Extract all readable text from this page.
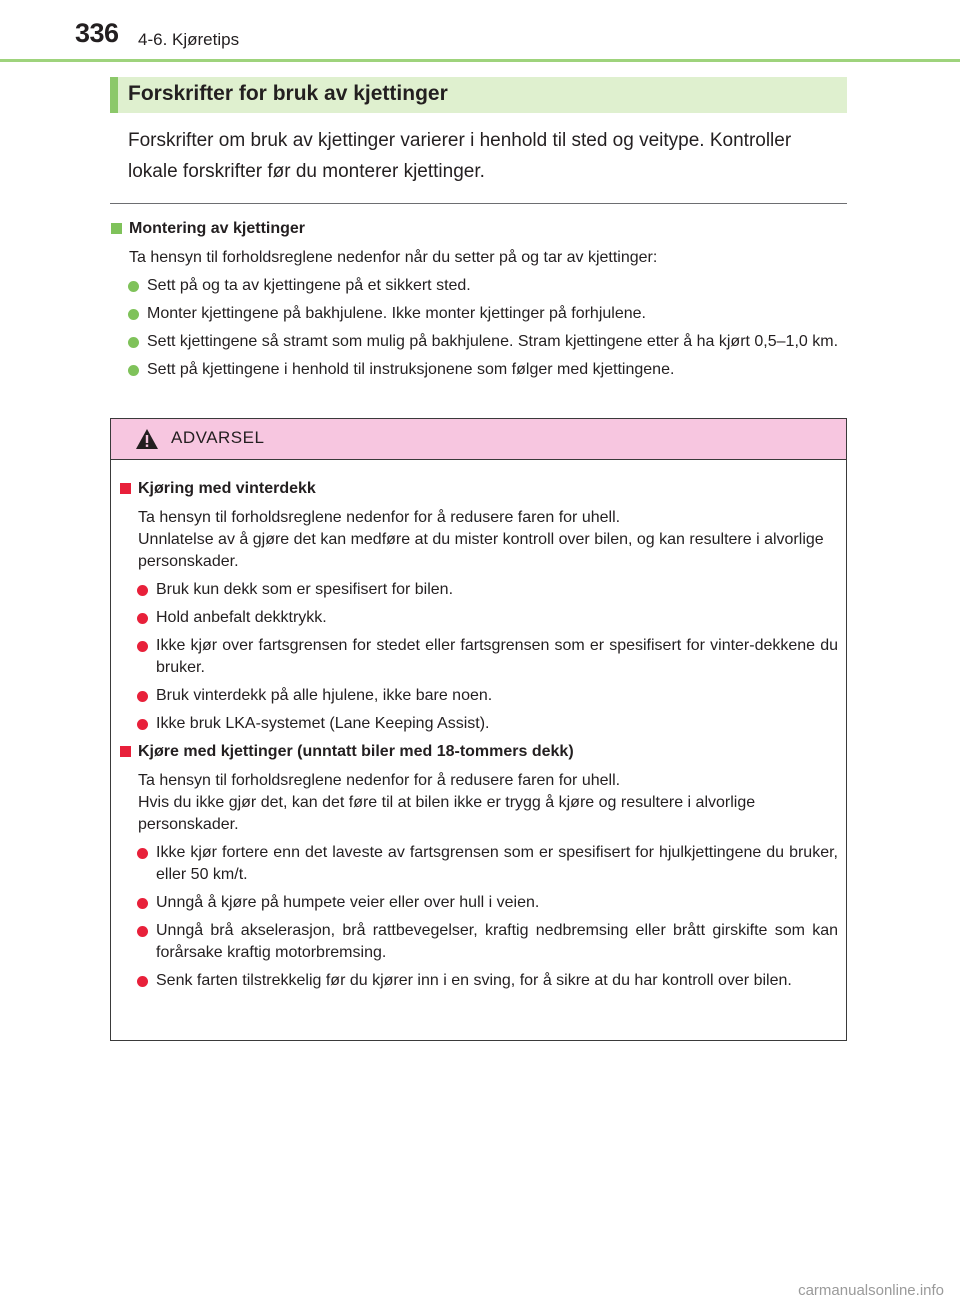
336 4-6. Kjøretips
Forskrifter for bruk av kjettinger

Forskrifter om bruk av kjettinger varierer i henhold til sted og veitype. Kontroller lokale forskrifter før du monterer kjettinger.

Montering av kjettinger
Ta hensyn til forholdsreglene nedenfor når du setter på og tar av kjettinger:
Sett på og ta av kjettingene på et sikkert sted.
Monter kjettingene på bakhjulene. Ikke monter kjettinger på forhjulene.
Sett kjettingene så stramt som mulig på bakhjulene. Stram kjettingene etter å ha kjørt 0,5–1,0 km.
Sett på kjettingene i henhold til instruksjonene som følger med kjettingene.
ADVARSEL
Kjøring med vinterdekk
Ta hensyn til forholdsreglene nedenfor for å redusere faren for uhell.
Unnlatelse av å gjøre det kan medføre at du mister kontroll over bilen, og kan resultere i alvorlige personskader.
Bruk kun dekk som er spesifisert for bilen.
Hold anbefalt dekktrykk.
Ikke kjør over fartsgrensen for stedet eller fartsgrensen som er spesifisert for vinter-dekkene du bruker.
Bruk vinterdekk på alle hjulene, ikke bare noen.
Ikke bruk LKA-systemet (Lane Keeping Assist).
Kjøre med kjettinger (unntatt biler med 18-tommers dekk)
Ta hensyn til forholdsreglene nedenfor for å redusere faren for uhell.
Hvis du ikke gjør det, kan det føre til at bilen ikke er trygg å kjøre og resultere i alvorlige personskader.
Ikke kjør fortere enn det laveste av fartsgrensen som er spesifisert for hjulkjettingene du bruker, eller 50 km/t.
Unngå å kjøre på humpete veier eller over hull i veien.
Unngå brå akselerasjon, brå rattbevegelser, kraftig nedbremsing eller brått girskifte som kan forårsake kraftig motorbremsing.
Senk farten tilstrekkelig før du kjører inn i en sving, for å sikre at du har kontroll over bilen.
carmanualsonline.info
